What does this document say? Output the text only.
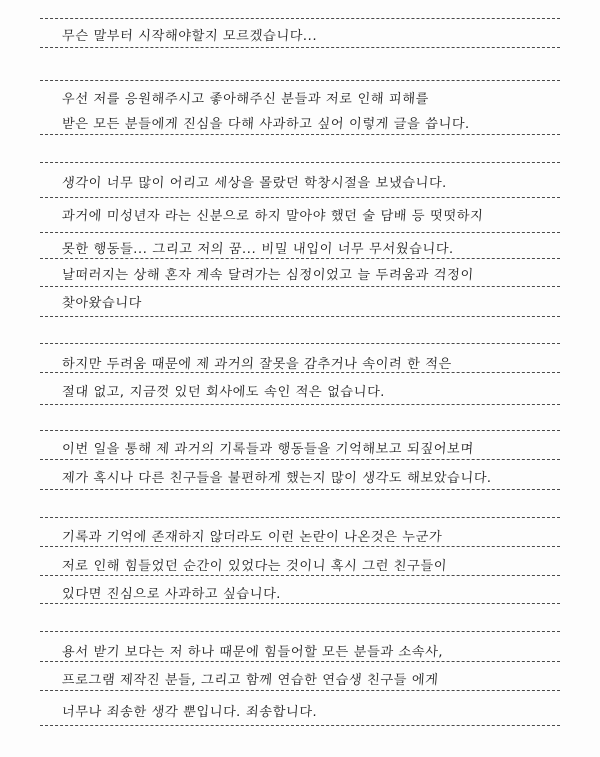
무슨 말부터 시작해야할지 모르겠습니다...
우선 저를 응원해주시고 좋아해주신 분들과 저로 인해 피해를
받은 모든 분들에게 진심을 다해 사과하고 싶어 이렇게 글을 씁니다.
생각이 너무 많이 어리고 세상을 몰랐던 학창시절을 보냈습니다.
과거에 미성년자 라는 신분으로 하지 말아야 했던 술 담배 등 떳떳하지
못한 행동들... 그리고 저의 꿈... 비밀 내입이 너무 무서웠습니다.
날떠러지는 상해 혼자 계속 달려가는 심정이었고 늘 두려움과 걱정이
찾아왔습니다
하지만 두려움 때문에 제 과거의 잘못을 감추거나 속이려 한 적은
절대 없고, 지금껏 있던 회사에도 속인 적은 없습니다.
이번 일을 통해 제 과거의 기록들과 행동들을 기억해보고 되짚어보며
제가 혹시나 다른 친구들을 불편하게 했는지 많이 생각도 해보았습니다.
기록과 기억에 존재하지 않더라도 이런 논란이 나온것은 누군가
저로 인해 힘들었던 순간이 있었다는 것이니 혹시 그런 친구들이
있다면 진심으로 사과하고 싶습니다.
용서 받기 보다는 저 하나 때문에 힘들어할 모든 분들과 소속사,
프로그램 제작진 분들, 그리고 함께 연습한 연습생 친구들 에게
너무나 죄송한 생각 뿐입니다. 죄송합니다.
